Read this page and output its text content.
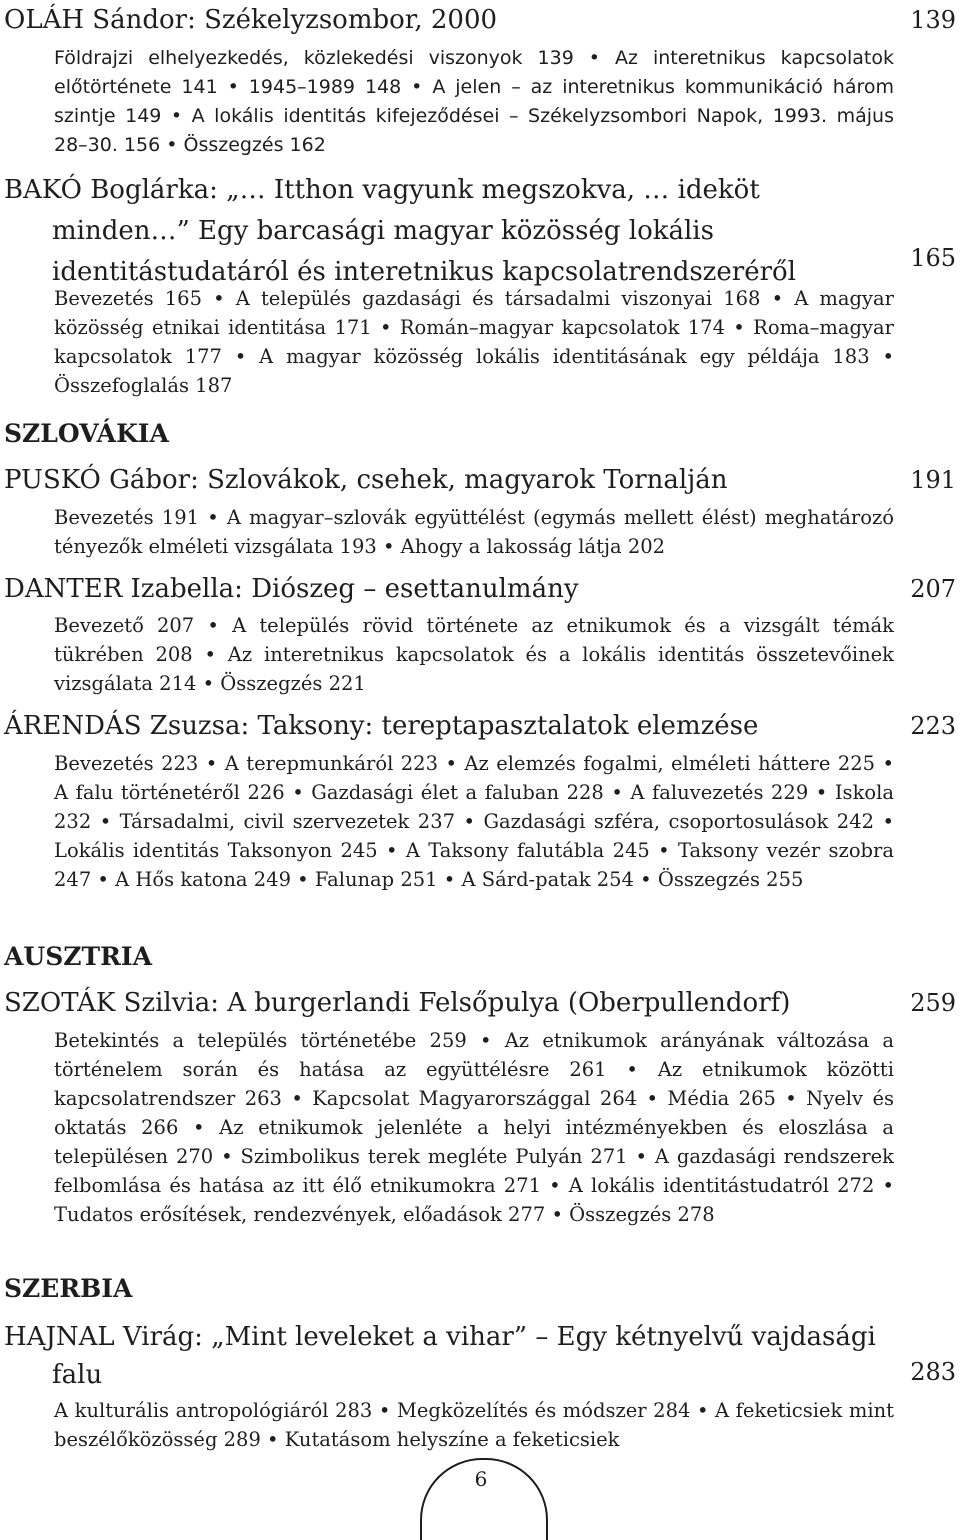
OLÁH Sándor: Székelyzsombor, 2000	139
Földrajzi elhelyezkedés, közlekedési viszonyok 139 • Az interetnikus kapcsolatok előtörténete 141 • 1945–1989 148 • A jelen – az interetnikus kommunikáció három szintje 149 • A lokális identitás kifejeződései – Székelyzsombori Napok, 1993. május 28–30. 156 • Összegzés 162
BAKÓ Boglárka: „… Itthon vagyunk megszokva, … ideköt minden…” Egy barcasági magyar közösség lokális identitástudatáról és interetnikus kapcsolatrendszeréről	165
Bevezetés 165 • A település gazdasági és társadalmi viszonyai 168 • A magyar közösség etnikai identitása 171 • Román–magyar kapcsolatok 174 • Roma–magyar kapcsolatok 177 • A magyar közösség lokális identitásának egy példája 183 • Összefoglalás 187
SZLOVÁKIA
PUSKÓ Gábor: Szlovákok, csehek, magyarok Tornalján	191
Bevezetés 191 • A magyar–szlovák együttélést (egymás mellett élést) meghatározó tényezők elméleti vizsgálata 193 • Ahogy a lakosság látja 202
DANTER Izabella: Diószeg – esettanulmány	207
Bevezető 207 • A település rövid története az etnikumok és a vizsgált témák tükrében 208 • Az interetnikus kapcsolatok és a lokális identitás összetevőinek vizsgálata 214 • Összegzés 221
ÁRENDÁS Zsuzsa: Taksony: tereptapasztalatok elemzése	223
Bevezetés 223 • A terepmunkáról 223 • Az elemzés fogalmi, elméleti háttere 225 • A falu történetéről 226 • Gazdasági élet a faluban 228 • A faluvezetés 229 • Iskola 232 • Társadalmi, civil szervezetek 237 • Gazdasági szféra, csoportosulások 242 • Lokális identitás Taksonyon 245 • A Taksony falutábla 245 • Taksony vezér szobra 247 • A Hős katona 249 • Falunap 251 • A Sárd-patak 254 • Összegzés 255
AUSZTRIA
SZOTÁK Szilvia: A burgerlandi Felsőpulya (Oberpullendorf)	259
Betekintés a település történetébe 259 • Az etnikumok arányának változása a történelem során és hatása az együttélésre 261 • Az etnikumok közötti kapcsolatrendszer 263 • Kapcsolat Magyarországgal 264 • Média 265 • Nyelv és oktatás 266 • Az etnikumok jelenléte a helyi intézményekben és eloszlása a településen 270 • Szimbolikus terek megléte Pulyán 271 • A gazdasági rendszerek felbomlása és hatása az itt élő etnikumokra 271 • A lokális identitástudatról 272 • Tudatos erősítések, rendezvények, előadások 277 • Összegzés 278
SZERBIA
HAJNAL Virág: „Mint leveleket a vihar” – Egy kétnyelvű vajdasági falu	283
A kulturális antropológiáról 283 • Megközelítés és módszer 284 • A feketicsiek mint beszélőközösség 289 • Kutatásom helyszíne a feketicsiek
6
